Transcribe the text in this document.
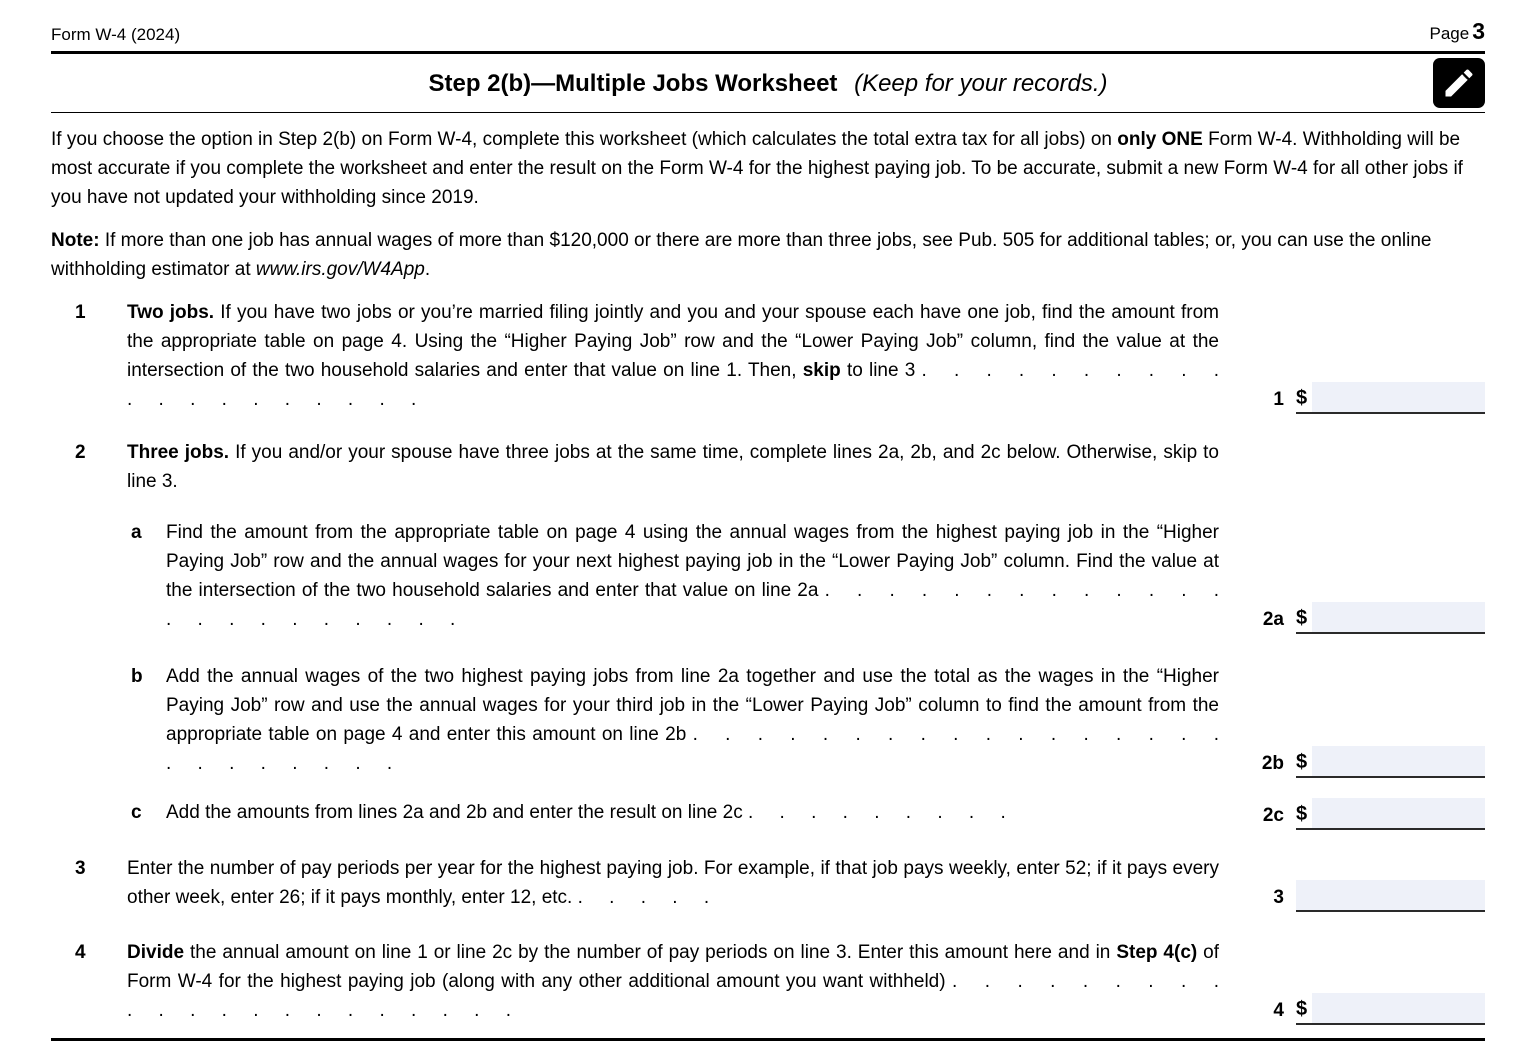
Form W-4 (2024)	Page 3
Step 2(b)—Multiple Jobs Worksheet (Keep for your records.)

If you choose the option in Step 2(b) on Form W-4, complete this worksheet (which calculates the total extra tax for all jobs) on only ONE Form W-4. Withholding will be most accurate if you complete the worksheet and enter the result on the Form W-4 for the highest paying job. To be accurate, submit a new Form W-4 for all other jobs if you have not updated your withholding since 2019.

Note: If more than one job has annual wages of more than $120,000 or there are more than three jobs, see Pub. 505 for additional tables; or, you can use the online withholding estimator at www.irs.gov/W4App.

1	Two jobs. If you have two jobs or you’re married filing jointly and you and your spouse each have one job, find the amount from the appropriate table on page 4. Using the “Higher Paying Job” row and the “Lower Paying Job” column, find the value at the intersection of the two household salaries and enter that value on line 1. Then, skip to line 3 . . . . . . . . . . . . . . . . . . . .	1 $
2	Three jobs. If you and/or your spouse have three jobs at the same time, complete lines 2a, 2b, and 2c below. Otherwise, skip to line 3.
a	Find the amount from the appropriate table on page 4 using the annual wages from the highest paying job in the “Higher Paying Job” row and the annual wages for your next highest paying job in the “Lower Paying Job” column. Find the value at the intersection of the two household salaries and enter that value on line 2a . . . . . . . . . . . . . . . . . . . . . . .	2a $
b	Add the annual wages of the two highest paying jobs from line 2a together and use the total as the wages in the “Higher Paying Job” row and use the annual wages for your third job in the “Lower Paying Job” column to find the amount from the appropriate table on page 4 and enter this amount on line 2b . . . . . . . . . . . . . . . . . . . . . . . . .	2b $
c	Add the amounts from lines 2a and 2b and enter the result on line 2c . . . . . . . . .	2c $
3	Enter the number of pay periods per year for the highest paying job. For example, if that job pays weekly, enter 52; if it pays every other week, enter 26; if it pays monthly, enter 12, etc. . . . . .	3
4	Divide the annual amount on line 1 or line 2c by the number of pay periods on line 3. Enter this amount here and in Step 4(c) of Form W-4 for the highest paying job (along with any other additional amount you want withheld) . . . . . . . . . . . . . . . . . . . . . .	4 $
